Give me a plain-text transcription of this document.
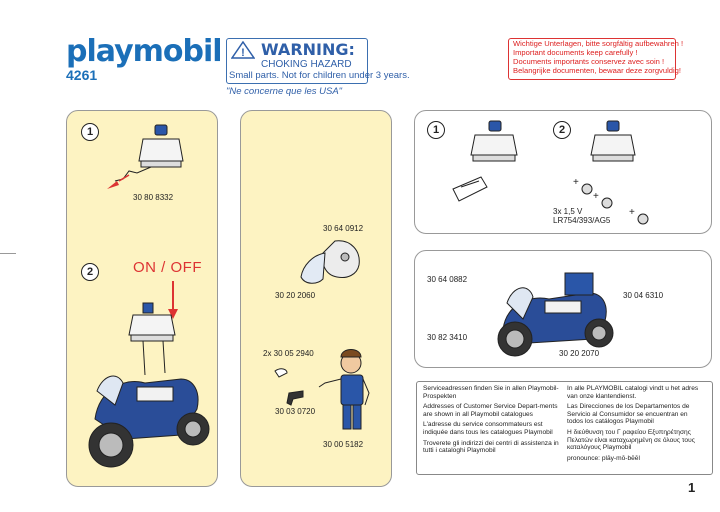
playmobil
4261
! WARNING:
CHOKING HAZARD
Small parts. Not for children under 3 years.
"Ne concerne que les USA"
Wichtige Unterlagen, bitte sorgfältig aufbewahren !
Important documents keep carefully !
Documents importants conservez avec soin !
Belangrijke documenten, bewaar deze zorgvuldig!
1
30 80 8332
2	ON / OFF
30 64 0912
30 20 2060
2x 30 05 2940
30 03 0720
30 00 5182
1	2
+
+
+
3x 1,5 V
LR754/393/AG5
30 64 0882
30 04 6310
30 82 3410
30 20 2070

Serviceadressen finden Sie in allen Playmobil-Prospekten

Addresses of Customer Service Depart-ments are shown in all Playmobil catalogues

L'adresse du service consommateurs est indiquée dans tous les catalogues Playmobil

Troverete gli indirizzi dei centri di assistenza in tutti i cataloghi Playmobil

In alle PLAYMOBIL catalogi vindt u het adres van onze klantendienst.

Las Direcciones de los Departamentos de Servicio al Consumidor se encuentran en todos los catálogos Playmobil

Η διεύθυνση του Γ ραφείου Εξυπηρέτησης Πελατών είναι καταχωρημένη σε όλους τους καταλόγους Playmobil

pronounce: plāy-mō-bēēl

1
